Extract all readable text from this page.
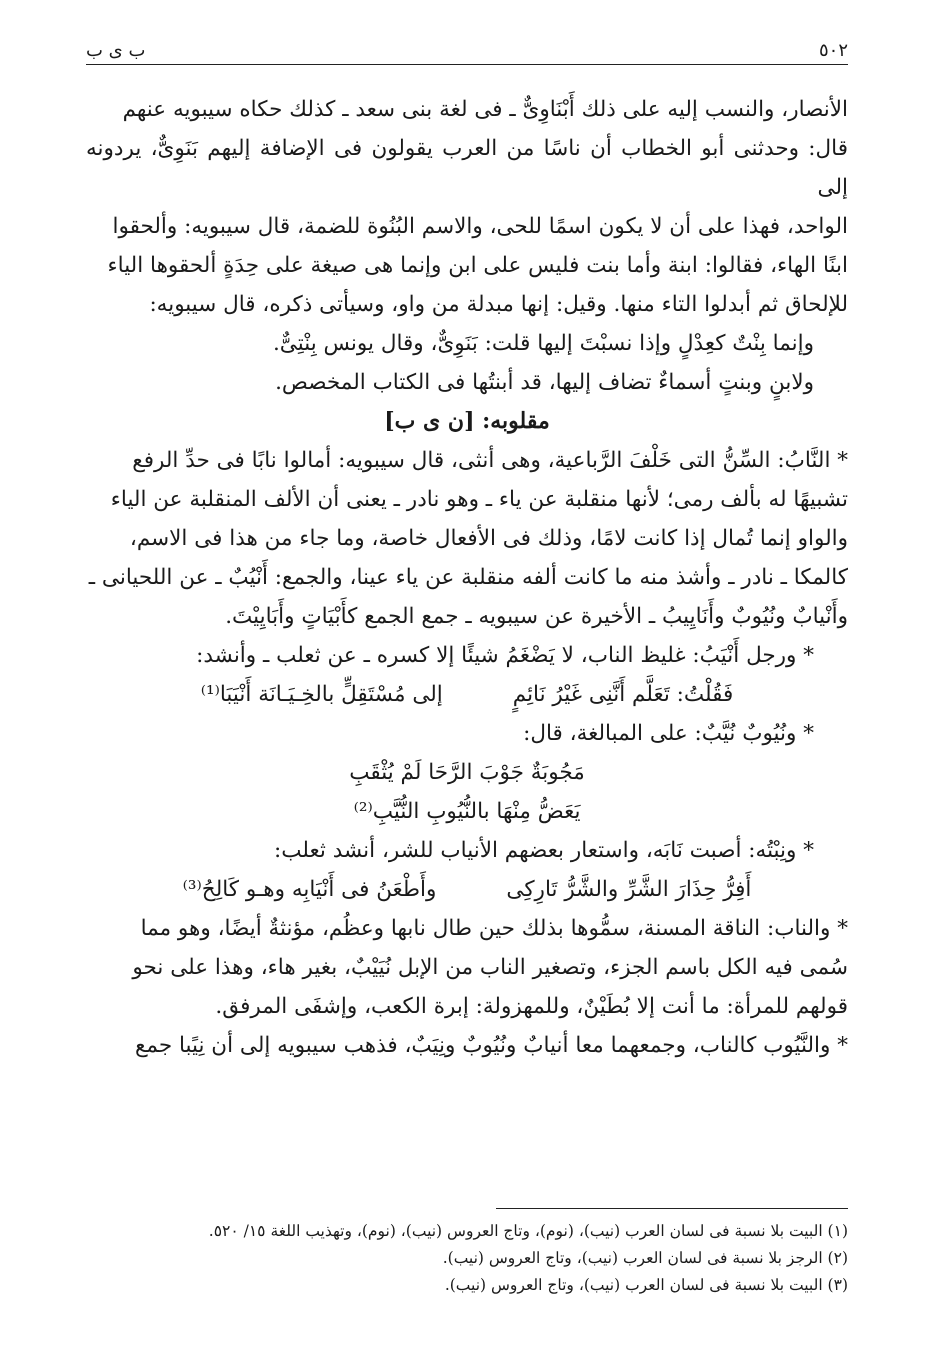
٥٠٢
ب ى ب

الأنصار، والنسب إليه على ذلك أَبْنَاوِىٌّ ـ فى لغة بنى سعد ـ كذلك حكاه سيبويه عنهم

قال: وحدثنى أبو الخطاب أن ناسًا من العرب يقولون فى الإضافة إليهم بَنَوِىٌّ، يردونه إلى

الواحد، فهذا على أن لا يكون اسمًا للحى، والاسم البُنُوة للضمة، قال سيبويه: وألحقوا

ابنًا الهاء، فقالوا: ابنة وأما بنت فليس على ابن وإنما هى صيغة على حِدَةٍ ألحقوها الياء

للإلحاق ثم أبدلوا التاء منها. وقيل: إنها مبدلة من واو، وسيأتى ذكره، قال سيبويه:

وإنما بِنْتٌ كعِدْلٍ وإذا نسبْتَ إليها قلت: بَنَوِىٌّ، وقال يونس بِنْتِىٌّ.

ولابنٍ وبنتٍ أسماءٌ تضاف إليها، قد أبنتُها فى الكتاب المخصص.

مقلوبه: [ن ى ب]

* النَّابُ: السِّنُّ التى خَلْفَ الرَّباعية، وهى أنثى، قال سيبويه: أمالوا نابًا فى حدِّ الرفع

تشبيهًا له بألف رمى؛ لأنها منقلبة عن ياء ـ وهو نادر ـ يعنى أن الألف المنقلبة عن الياء

والواو إنما تُمال إذا كانت لامًا، وذلك فى الأفعال خاصة، وما جاء من هذا فى الاسم،

كالمكا ـ نادر ـ وأشذ منه ما كانت ألفه منقلبة عن ياء عينا، والجمع: أَنْيُبٌ ـ عن اللحيانى ـ

وأَنْيابٌ ونُيُوبٌ وأَنَايِيبُ ـ الأخيرة عن سيبويه ـ جمع الجمع كأَبْيَاتٍ وأَبَايِيْتَ.

* ورجل أَنْيَبُ: غليظ الناب، لا يَضْغَمُ شيئًا إلا كسره ـ عن ثعلب ـ وأنشد:

فَقُلْتُ: تَعَلَّم أَنَّنِى غَيْرُ نَائِمٍ
إلى مُسْتَقِلٍّ بالخِـيَـانَة أَنْيَبَا⁽¹⁾

* ونُيُوبٌ نُيَّبٌ: على المبالغة، قال:

مَجُوبَةٌ جَوْبَ الرَّحَا لَمْ يُثْقَبِ

يَعَضُّ مِنْهَا بالنُّيُوبِ النُّيَّبِ⁽²⁾

* ونِبْتُه: أصبت نَابَه، واستعار بعضهم الأنياب للشر، أنشد ثعلب:

أَفِرُّ حِذَارَ الشَّرِّ والشَّرُّ تَارِكِى
وأَطْعَنُ فى أَنْيَابِه وهـو كَالِحُ⁽³⁾

* والناب: الناقة المسنة، سمُّوها بذلك حين طال نابها وعظُم، مؤنثةٌ أيضًا، وهو مما

سُمى فيه الكل باسم الجزء، وتصغير الناب من الإبل نُيَيْبٌ، بغير هاء، وهذا على نحو

قولهم للمرأة: ما أنت إلا بُطَيْنٌ، وللمهزولة: إبرة الكعب، وإشفَى المرفق.

* والنَّيُوب كالناب، وجمعهما معا أنيابٌ ونُيُوبٌ ونِيَبٌ، فذهب سيبويه إلى أن نِيًبا جمع

(١) البيت بلا نسبة فى لسان العرب (نيب)، (نوم)، وتاج العروس (نيب)، (نوم)، وتهذيب اللغة ١٥/ ٥٢٠.

(٢) الرجز بلا نسبة فى لسان العرب (نيب)، وتاج العروس (نيب).

(٣) البيت بلا نسبة فى لسان العرب (نيب)، وتاج العروس (نيب).
